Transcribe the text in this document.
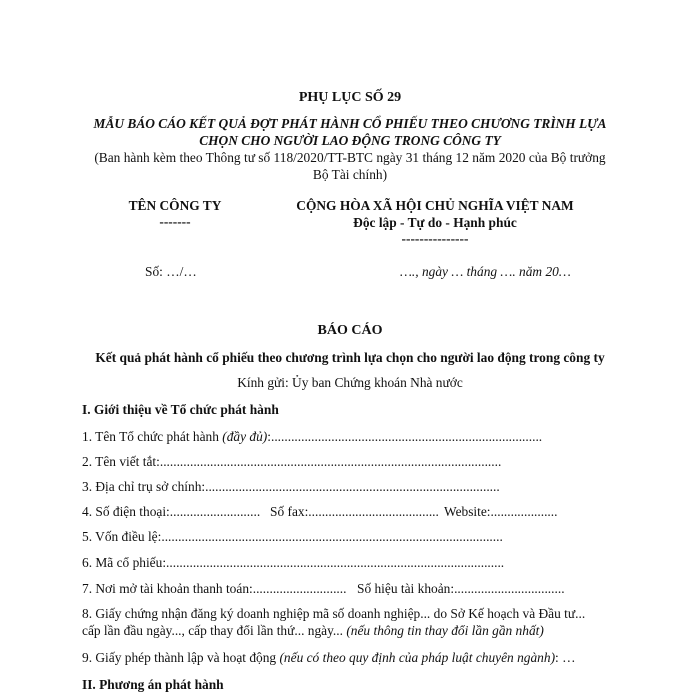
PHỤ LỤC SỐ 29
MẪU BÁO CÁO KẾT QUẢ ĐỢT PHÁT HÀNH CỔ PHIẾU THEO CHƯƠNG TRÌNH LỰA
CHỌN CHO NGƯỜI LAO ĐỘNG TRONG CÔNG TY
(Ban hành kèm theo Thông tư số 118/2020/TT-BTC ngày 31 tháng 12 năm 2020 của Bộ trưởng
Bộ Tài chính)
TÊN CÔNG TY
-------
CỘNG HÒA XÃ HỘI CHỦ NGHĨA VIỆT NAM
Độc lập - Tự do - Hạnh phúc
---------------
Số: …/…	…., ngày … tháng …. năm 20…
BÁO CÁO
Kết quả phát hành cổ phiếu theo chương trình lựa chọn cho người lao động trong công ty
Kính gửi: Ủy ban Chứng khoán Nhà nước
I. Giới thiệu về Tổ chức phát hành
1. Tên Tổ chức phát hành (đầy đủ):.................................................................................
2. Tên viết tắt:......................................................................................................
3. Địa chỉ trụ sở chính:........................................................................................
4. Số điện thoại:........................... Số fax:....................................... Website:....................
5. Vốn điều lệ:......................................................................................................
6. Mã cổ phiếu:.....................................................................................................
7. Nơi mở tài khoản thanh toán:............................ Số hiệu tài khoản:.................................
8. Giấy chứng nhận đăng ký doanh nghiệp mã số doanh nghiệp... do Sở Kế hoạch và Đầu tư...
cấp lần đầu ngày..., cấp thay đổi lần thứ... ngày... (nếu thông tin thay đổi lần gần nhất)
9. Giấy phép thành lập và hoạt động (nếu có theo quy định của pháp luật chuyên ngành): …
II. Phương án phát hành
